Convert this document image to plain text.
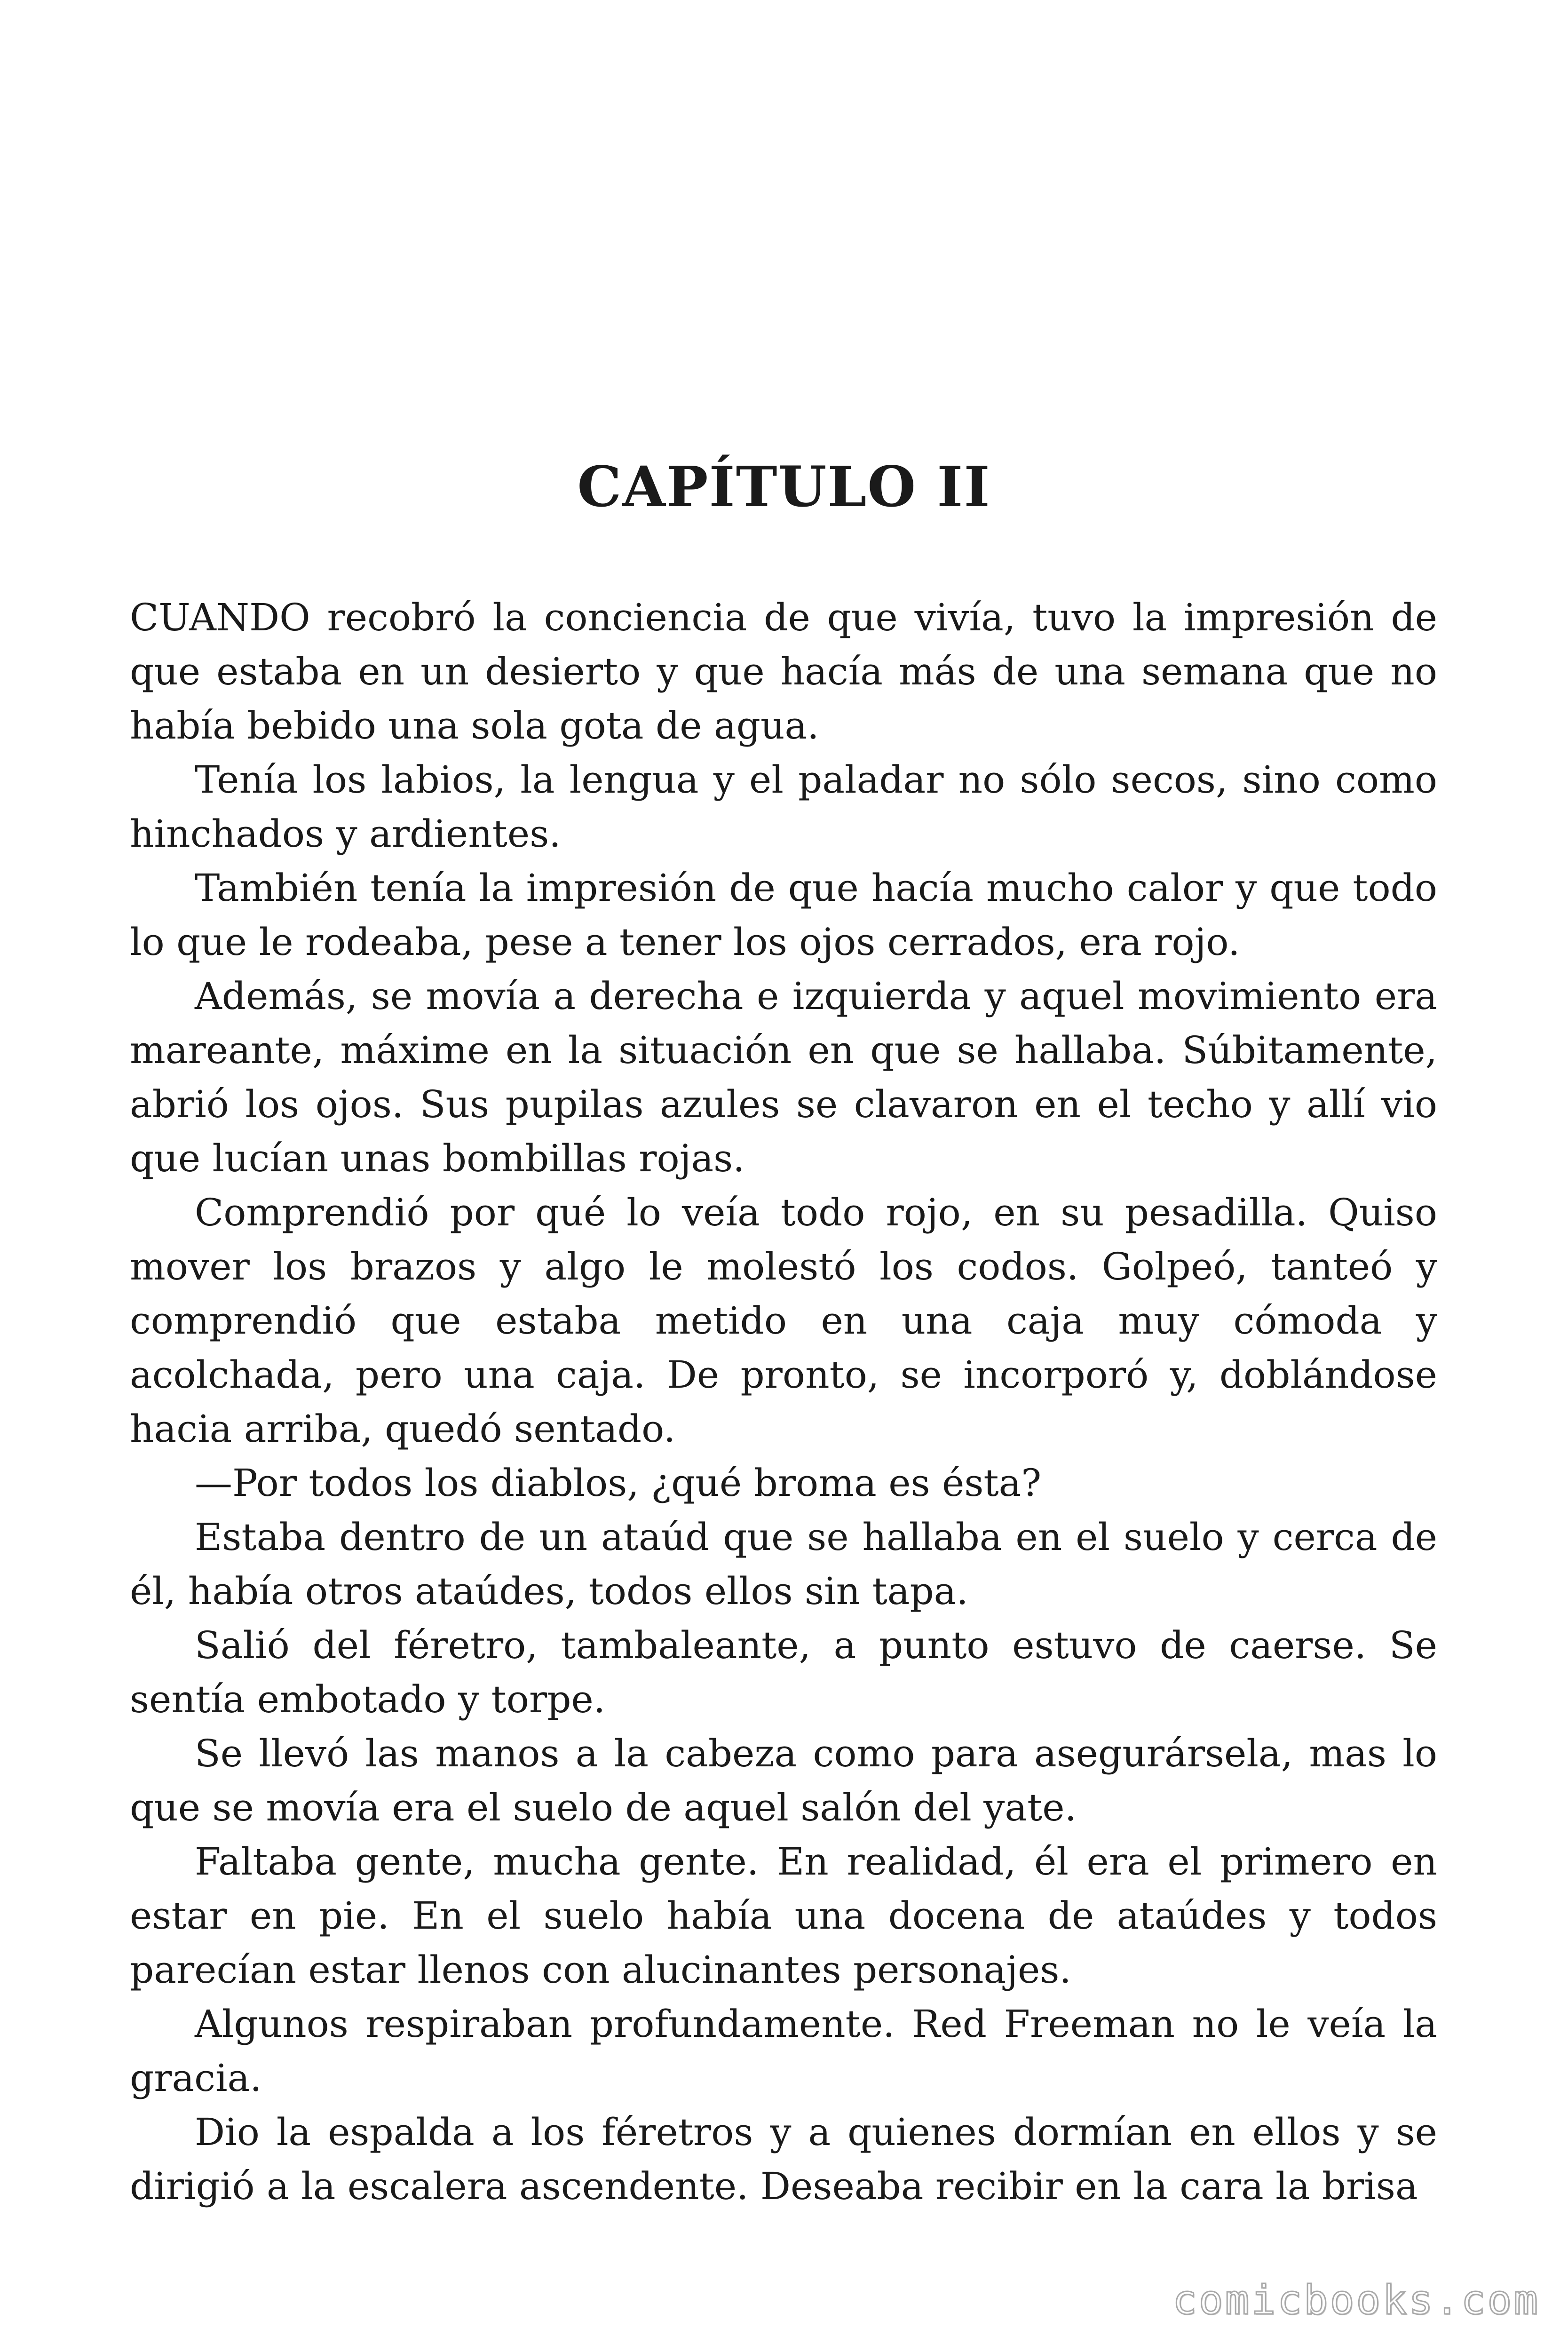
CAPÍTULO II

CUANDO recobró la conciencia de que vivía, tuvo la impresión de que estaba en un desierto y que hacía más de una semana que no había bebido una sola gota de agua.

Tenía los labios, la lengua y el paladar no sólo secos, sino como hinchados y ardientes.

También tenía la impresión de que hacía mucho calor y que todo lo que le rodeaba, pese a tener los ojos cerrados, era rojo.

Además, se movía a derecha e izquierda y aquel movimiento era mareante, máxime en la situación en que se hallaba. Súbitamente, abrió los ojos. Sus pupilas azules se clavaron en el techo y allí vio que lucían unas bombillas rojas.

Comprendió por qué lo veía todo rojo, en su pesadilla. Quiso mover los brazos y algo le molestó los codos. Golpeó, tanteó y comprendió que estaba metido en una caja muy cómoda y acolchada, pero una caja. De pronto, se incorporó y, doblándose hacia arriba, quedó sentado.

—Por todos los diablos, ¿qué broma es ésta?

Estaba dentro de un ataúd que se hallaba en el suelo y cerca de él, había otros ataúdes, todos ellos sin tapa.

Salió del féretro, tambaleante, a punto estuvo de caerse. Se sentía embotado y torpe.

Se llevó las manos a la cabeza como para asegurársela, mas lo que se movía era el suelo de aquel salón del yate.

Faltaba gente, mucha gente. En realidad, él era el primero en estar en pie. En el suelo había una docena de ataúdes y todos parecían estar llenos con alucinantes personajes.

Algunos respiraban profundamente. Red Freeman no le veía la gracia.

Dio la espalda a los féretros y a quienes dormían en ellos y se dirigió a la escalera ascendente. Deseaba recibir en la cara la brisa

comicbooks.com
